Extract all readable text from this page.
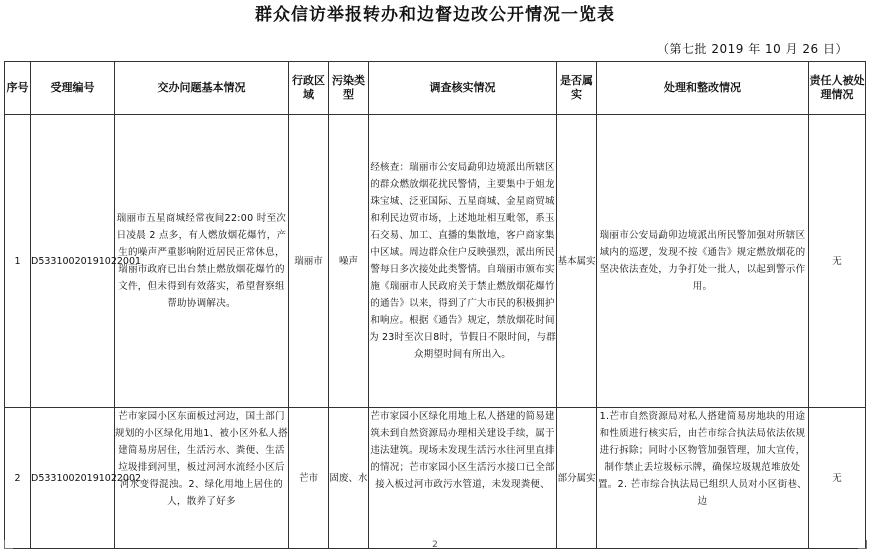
群众信访举报转办和边督边改公开情况一览表
（第七批 2019 年 10 月 26 日）
序号	受理编号	交办问题基本情况	行政区域	污染类型	调查核实情况	是否属实	处理和整改情况	责任人被处理情况
1	D53310020191022001	瑞丽市五星商城经常夜间22:00 时至次日凌晨 2 点多，有人燃放烟花爆竹，产生的噪声严重影响附近居民正常休息，瑞丽市政府已出台禁止燃放烟花爆竹的文件，但未得到有效落实，希望督察组帮助协调解决。	瑞丽市	噪声	经核查：瑞丽市公安局勐卯边境派出所辖区的群众燃放烟花扰民警情，主要集中于姐龙珠宝城、泛亚国际、五星商城、金星商贸城和利民边贸市场，上述地址相互毗邻，系玉石交易、加工、直播的集散地，客户商家集中区域。周边群众住户反映强烈，派出所民警每日多次接处此类警情。自瑞丽市颁布实施《瑞丽市人民政府关于禁止燃放烟花爆竹的通告》以来，得到了广大市民的积极拥护和响应。根据《通告》规定，禁放烟花时间为 23时至次日8时，节假日不限时间，与群众期望时间有所出入。	基本属实	瑞丽市公安局勐卯边境派出所民警加强对所辖区域内的巡逻，发现不按《通告》规定燃放烟花的坚决依法查处，力争打处一批人，以起到警示作用。	无
2	D53310020191022002	芒市家园小区东面板过河边，国土部门规划的小区绿化用地1、被小区外私人搭建简易房居住，生活污水、粪便、生活垃圾排到河里，板过河河水流经小区后河水变得混浊。2、绿化用地上居住的人，散养了好多	芒市	固废、水	芒市家园小区绿化用地上私人搭建的简易建筑未到自然资源局办理相关建设手续，属于违法建筑。现场未发现生活污水往河里直排的情况；芒市家园小区生活污水接口已全部接入板过河市政污水管道，未发现粪便、	部分属实	1.芒市自然资源局对私人搭建简易房地块的用途和性质进行核实后，由芒市综合执法局依法依规进行拆除；同时小区物管加强管理，加大宣传，制作禁止丢垃圾标示牌，确保垃圾规范堆放处置。2. 芒市综合执法局已组织人员对小区街巷、边	无
2
